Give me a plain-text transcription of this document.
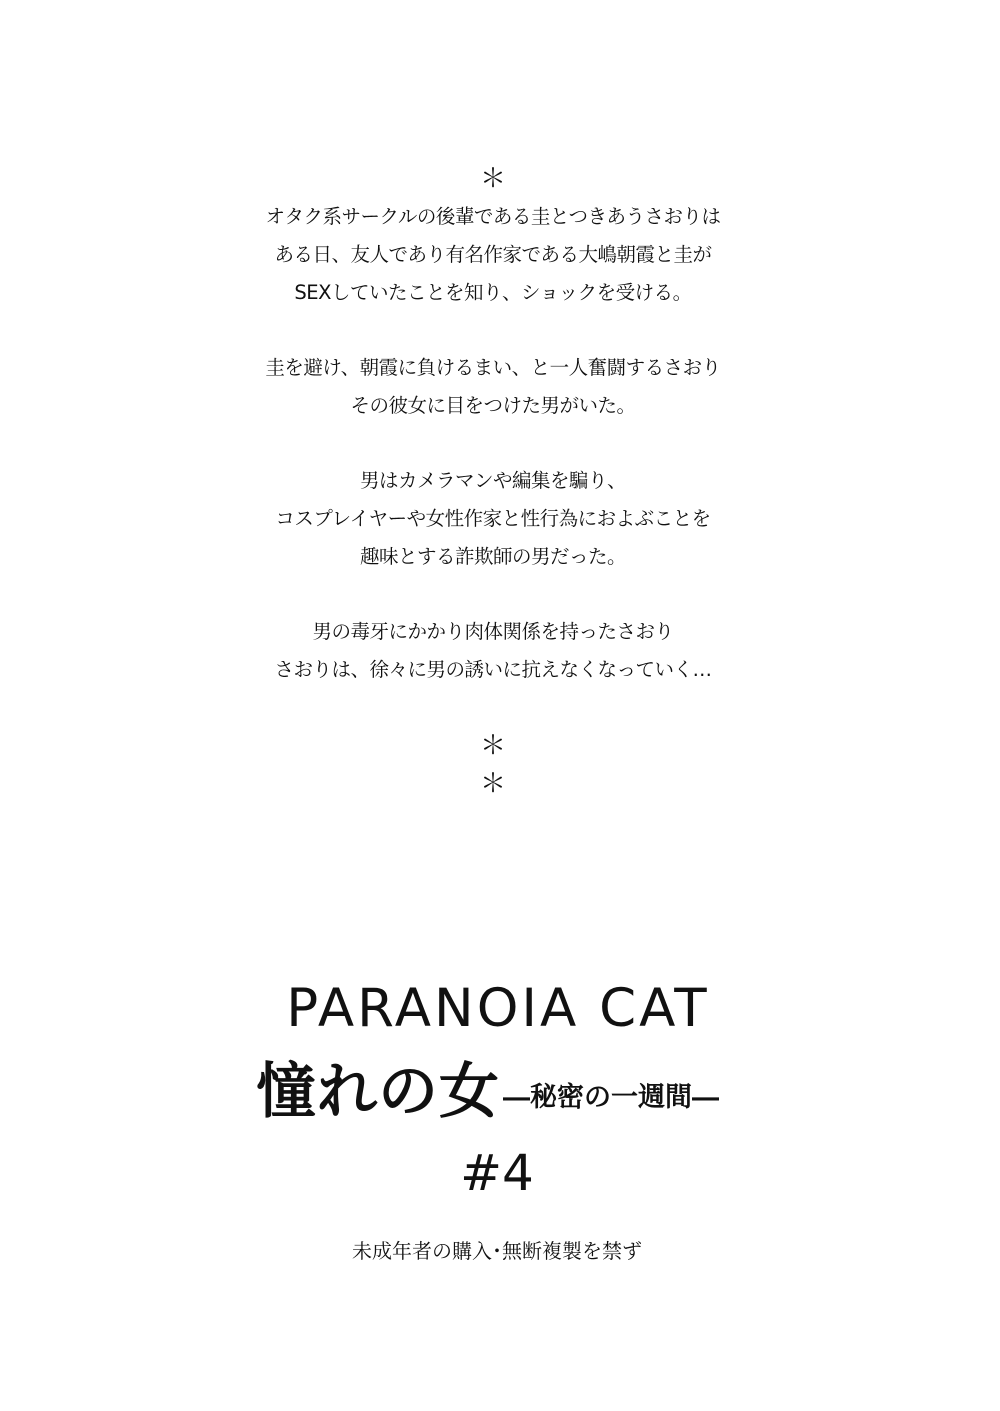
＊
オタク系サークルの後輩である圭とつきあうさおりは
ある日、友人であり有名作家である大嶋朝霞と圭が
SEXしていたことを知り、ショックを受ける。
圭を避け、朝霞に負けるまい、と一人奮闘するさおり
その彼女に目をつけた男がいた。
男はカメラマンや編集を騙り、
コスプレイヤーや女性作家と性行為におよぶことを
趣味とする詐欺師の男だった。
男の毒牙にかかり肉体関係を持ったさおり
さおりは、徐々に男の誘いに抗えなくなっていく…
＊
＊
PARANOIA CAT
憧れの女 ―秘密の一週間―
#4
未成年者の購入･無断複製を禁ず
